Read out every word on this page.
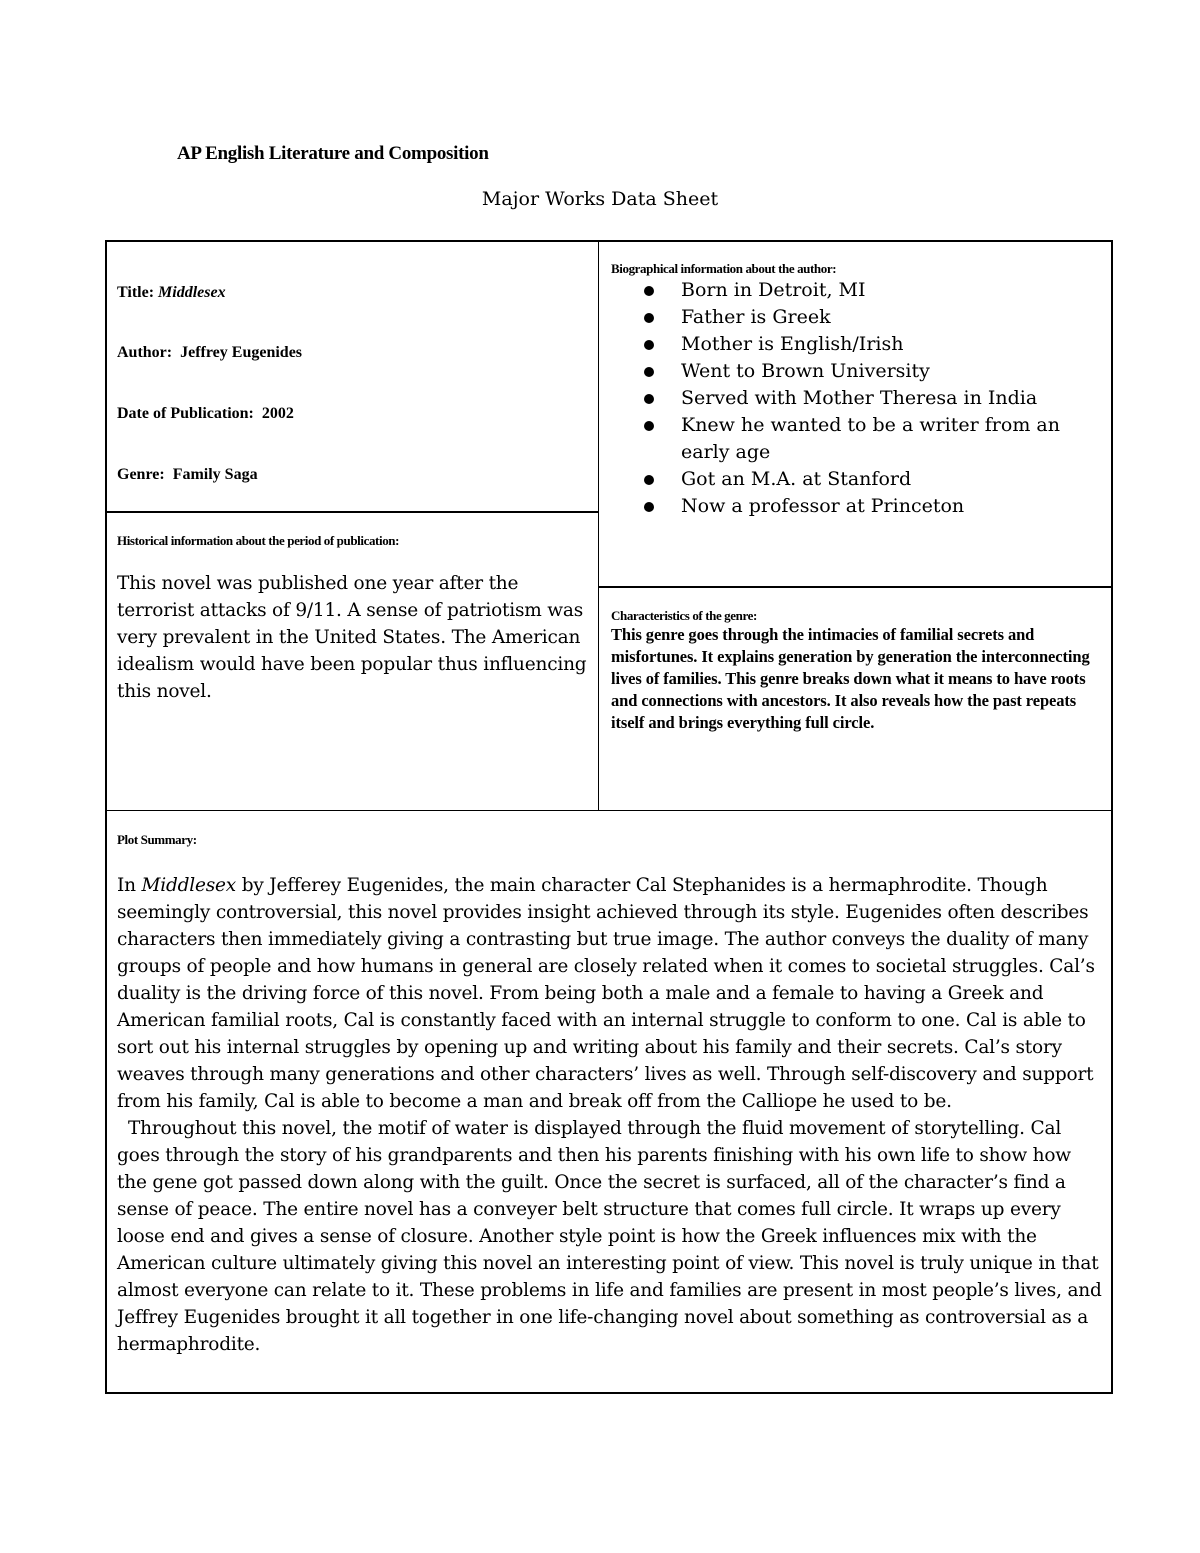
AP English Literature and Composition
Major Works Data Sheet

Title: Middlesex

Author: Jeffrey Eugenides

Date of Publication: 2002

Genre: Family Saga

Biographical information about the author:
Born in Detroit, MI
Father is Greek
Mother is English/Irish
Went to Brown University
Served with Mother Theresa in India
Knew he wanted to be a writer from an early age
Got an M.A. at Stanford
Now a professor at Princeton
Historical information about the period of publication:
This novel was published one year after the terrorist attacks of 9/11. A sense of patriotism was very prevalent in the United States. The American idealism would have been popular thus influencing this novel.
Characteristics of the genre:
This genre goes through the intimacies of familial secrets and misfortunes. It explains generation by generation the interconnecting lives of families. This genre breaks down what it means to have roots and connections with ancestors. It also reveals how the past repeats itself and brings everything full circle.
Plot Summary:

In Middlesex by Jefferey Eugenides, the main character Cal Stephanides is a hermaphrodite. Though seemingly controversial, this novel provides insight achieved through its style. Eugenides often describes characters then immediately giving a contrasting but true image. The author conveys the duality of many groups of people and how humans in general are closely related when it comes to societal struggles. Cal’s duality is the driving force of this novel. From being both a male and a female to having a Greek and American familial roots, Cal is constantly faced with an internal struggle to conform to one. Cal is able to sort out his internal struggles by opening up and writing about his family and their secrets. Cal’s story weaves through many generations and other characters’ lives as well. Through self-discovery and support from his family, Cal is able to become a man and break off from the Calliope he used to be.

Throughout this novel, the motif of water is displayed through the fluid movement of storytelling. Cal goes through the story of his grandparents and then his parents finishing with his own life to show how the gene got passed down along with the guilt. Once the secret is surfaced, all of the character’s find a sense of peace. The entire novel has a conveyer belt structure that comes full circle. It wraps up every loose end and gives a sense of closure. Another style point is how the Greek influences mix with the American culture ultimately giving this novel an interesting point of view. This novel is truly unique in that almost everyone can relate to it. These problems in life and families are present in most people’s lives, and Jeffrey Eugenides brought it all together in one life-changing novel about something as controversial as a hermaphrodite.
